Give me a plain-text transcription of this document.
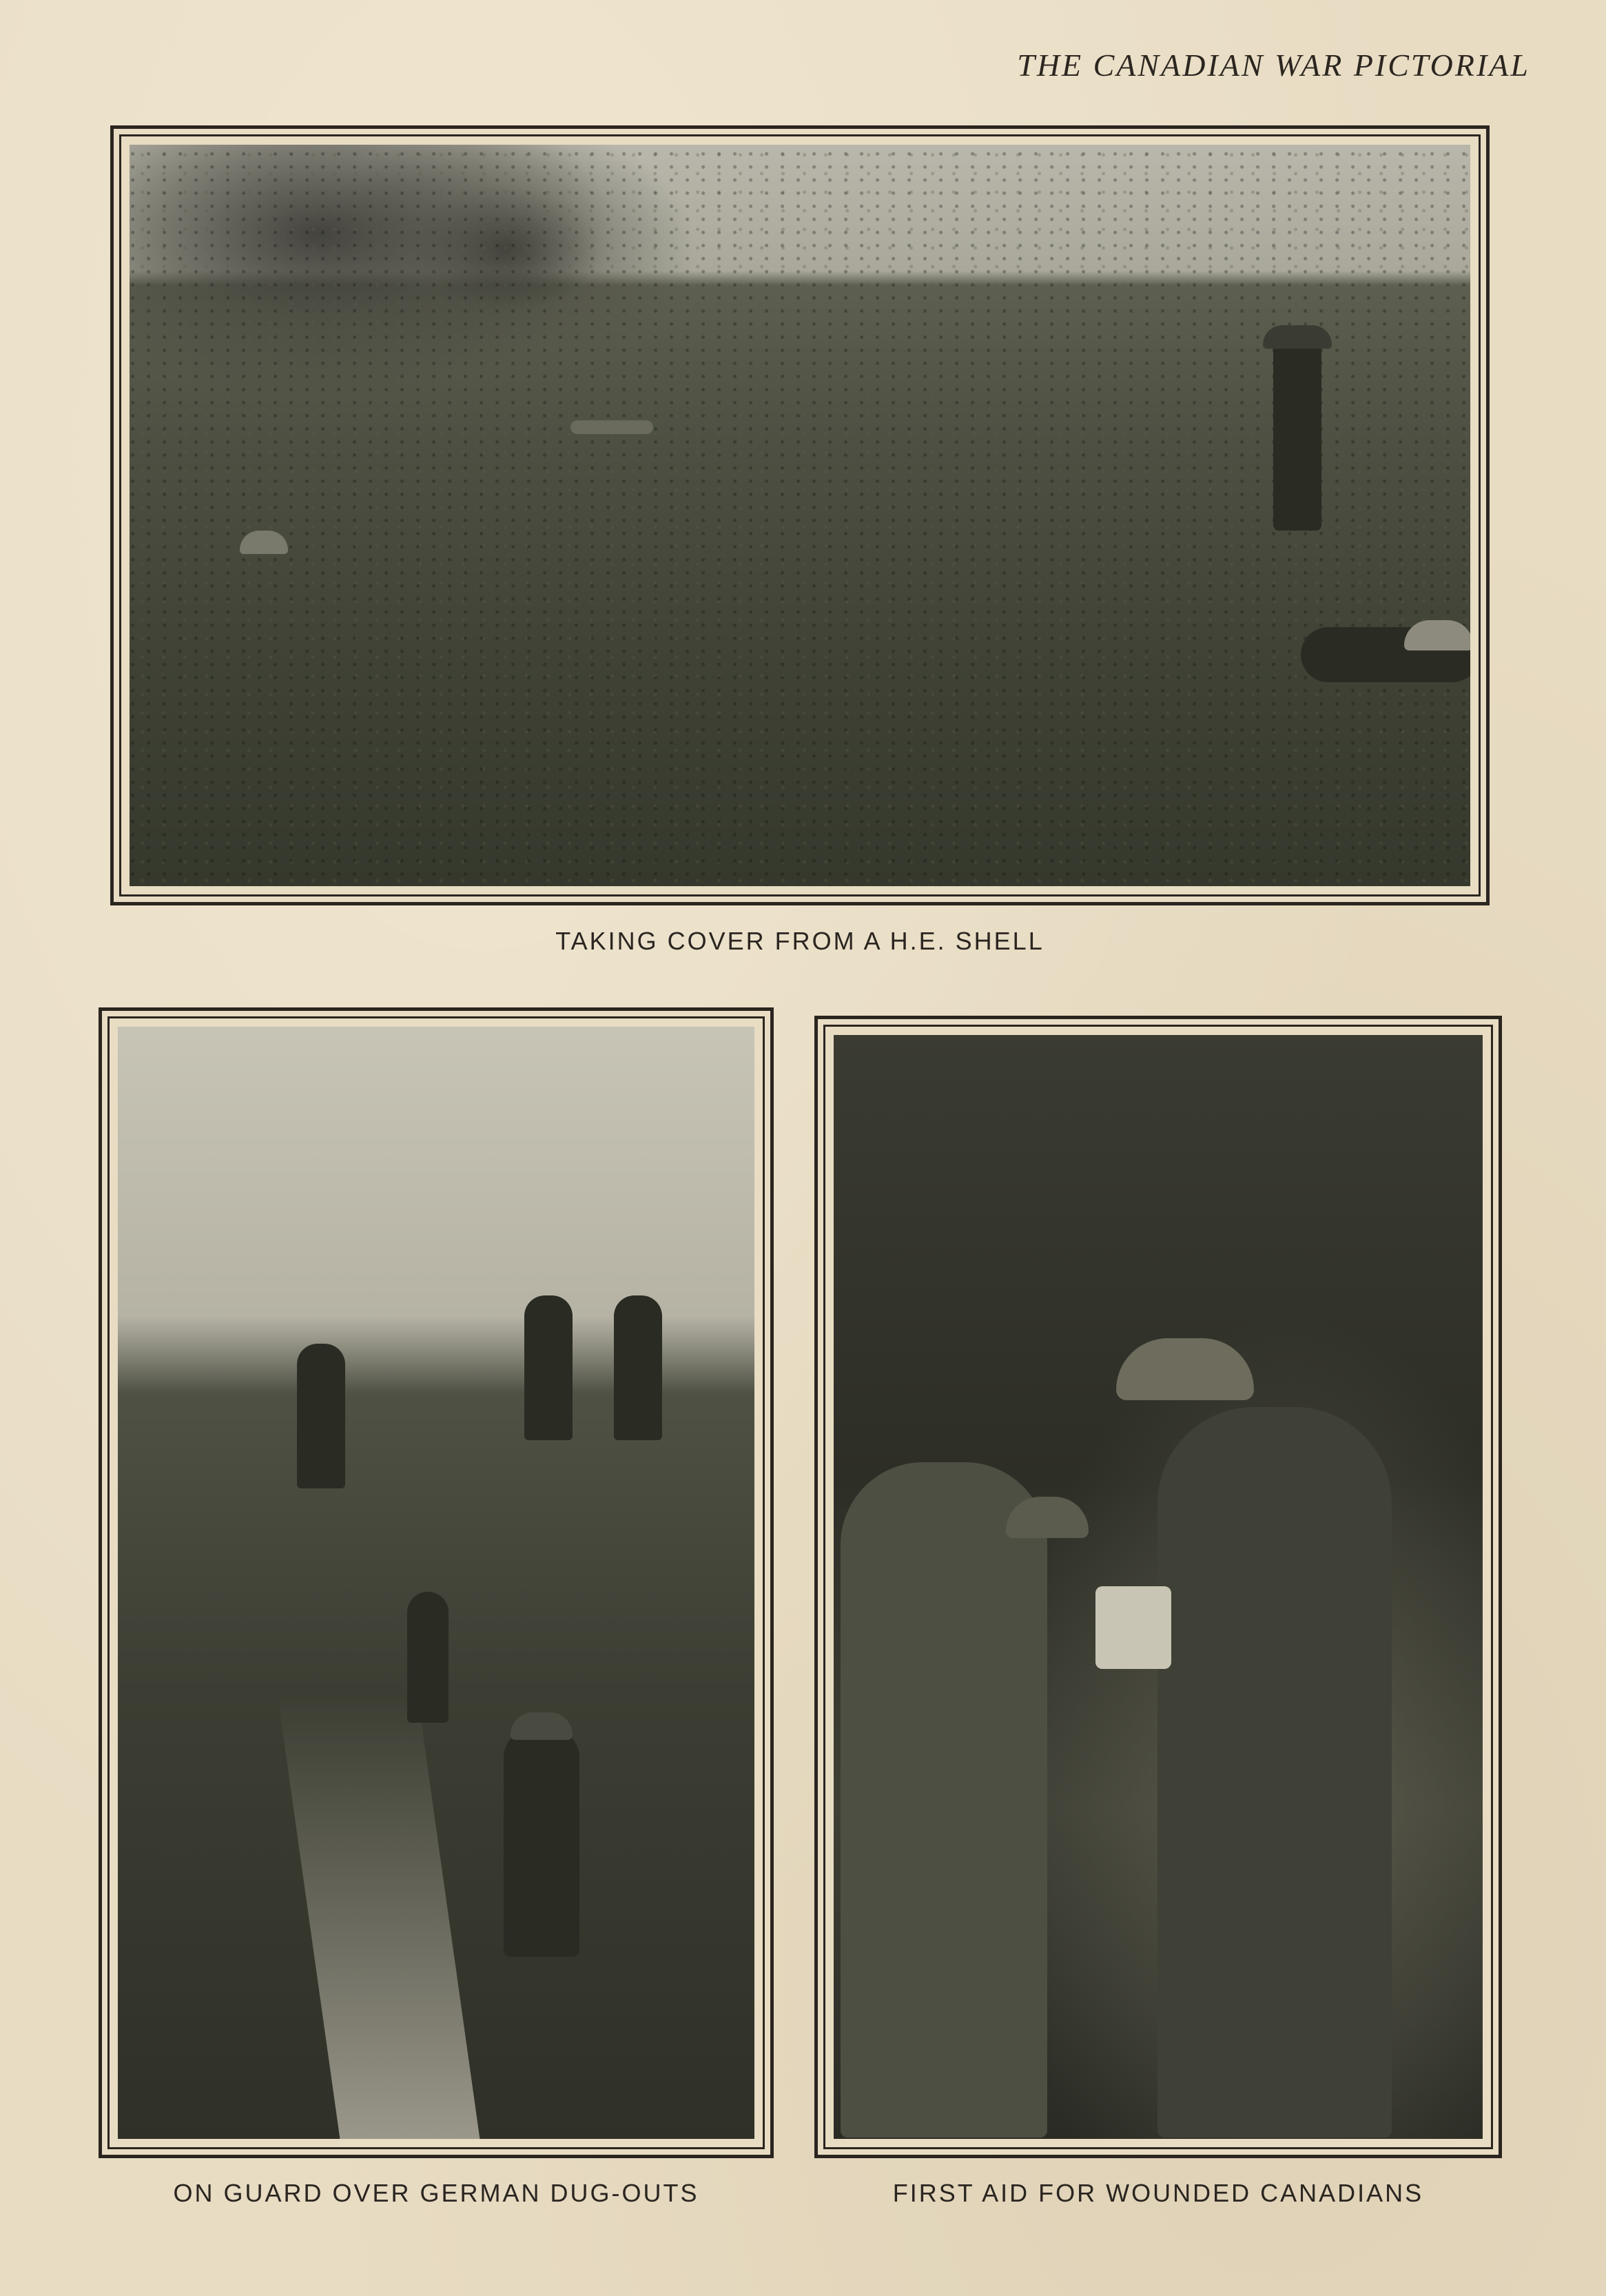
THE CANADIAN WAR PICTORIAL
TAKING COVER FROM A H.E. SHELL
ON GUARD OVER GERMAN DUG-OUTS	FIRST AID FOR WOUNDED CANADIANS
